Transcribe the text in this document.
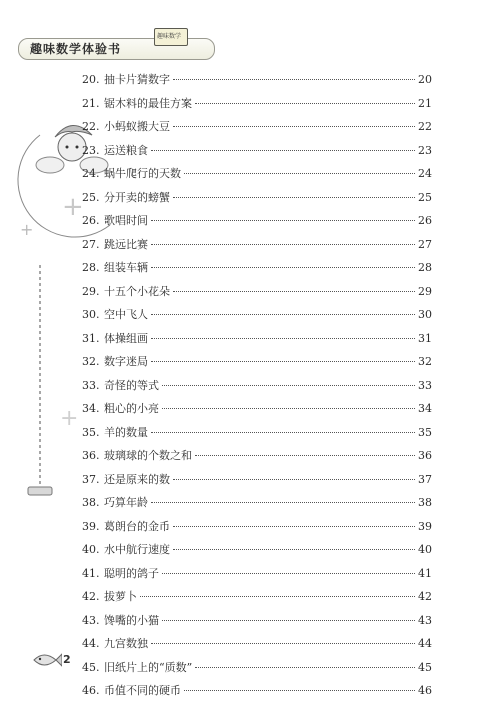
趣味数学体验书
趣味数学
+
+
+
20. 抽卡片猜数字	20
21. 锯木料的最佳方案	21
22. 小蚂蚁搬大豆	22
23. 运送粮食	23
24. 蜗牛爬行的天数	24
25. 分开卖的螃蟹	25
26. 歌唱时间	26
27. 跳远比赛	27
28. 组装车辆	28
29. 十五个小花朵	29
30. 空中飞人	30
31. 体操组画	31
32. 数字迷局	32
33. 奇怪的等式	33
34. 粗心的小亮	34
35. 羊的数量	35
36. 玻璃球的个数之和	36
37. 还是原来的数	37
38. 巧算年龄	38
39. 葛朗台的金币	39
40. 水中航行速度	40
41. 聪明的鸽子	41
42. 拔萝卜	42
43. 馋嘴的小猫	43
44. 九宫数独	44
45. 旧纸片上的“质数”	45
46. 币值不同的硬币	46
2
